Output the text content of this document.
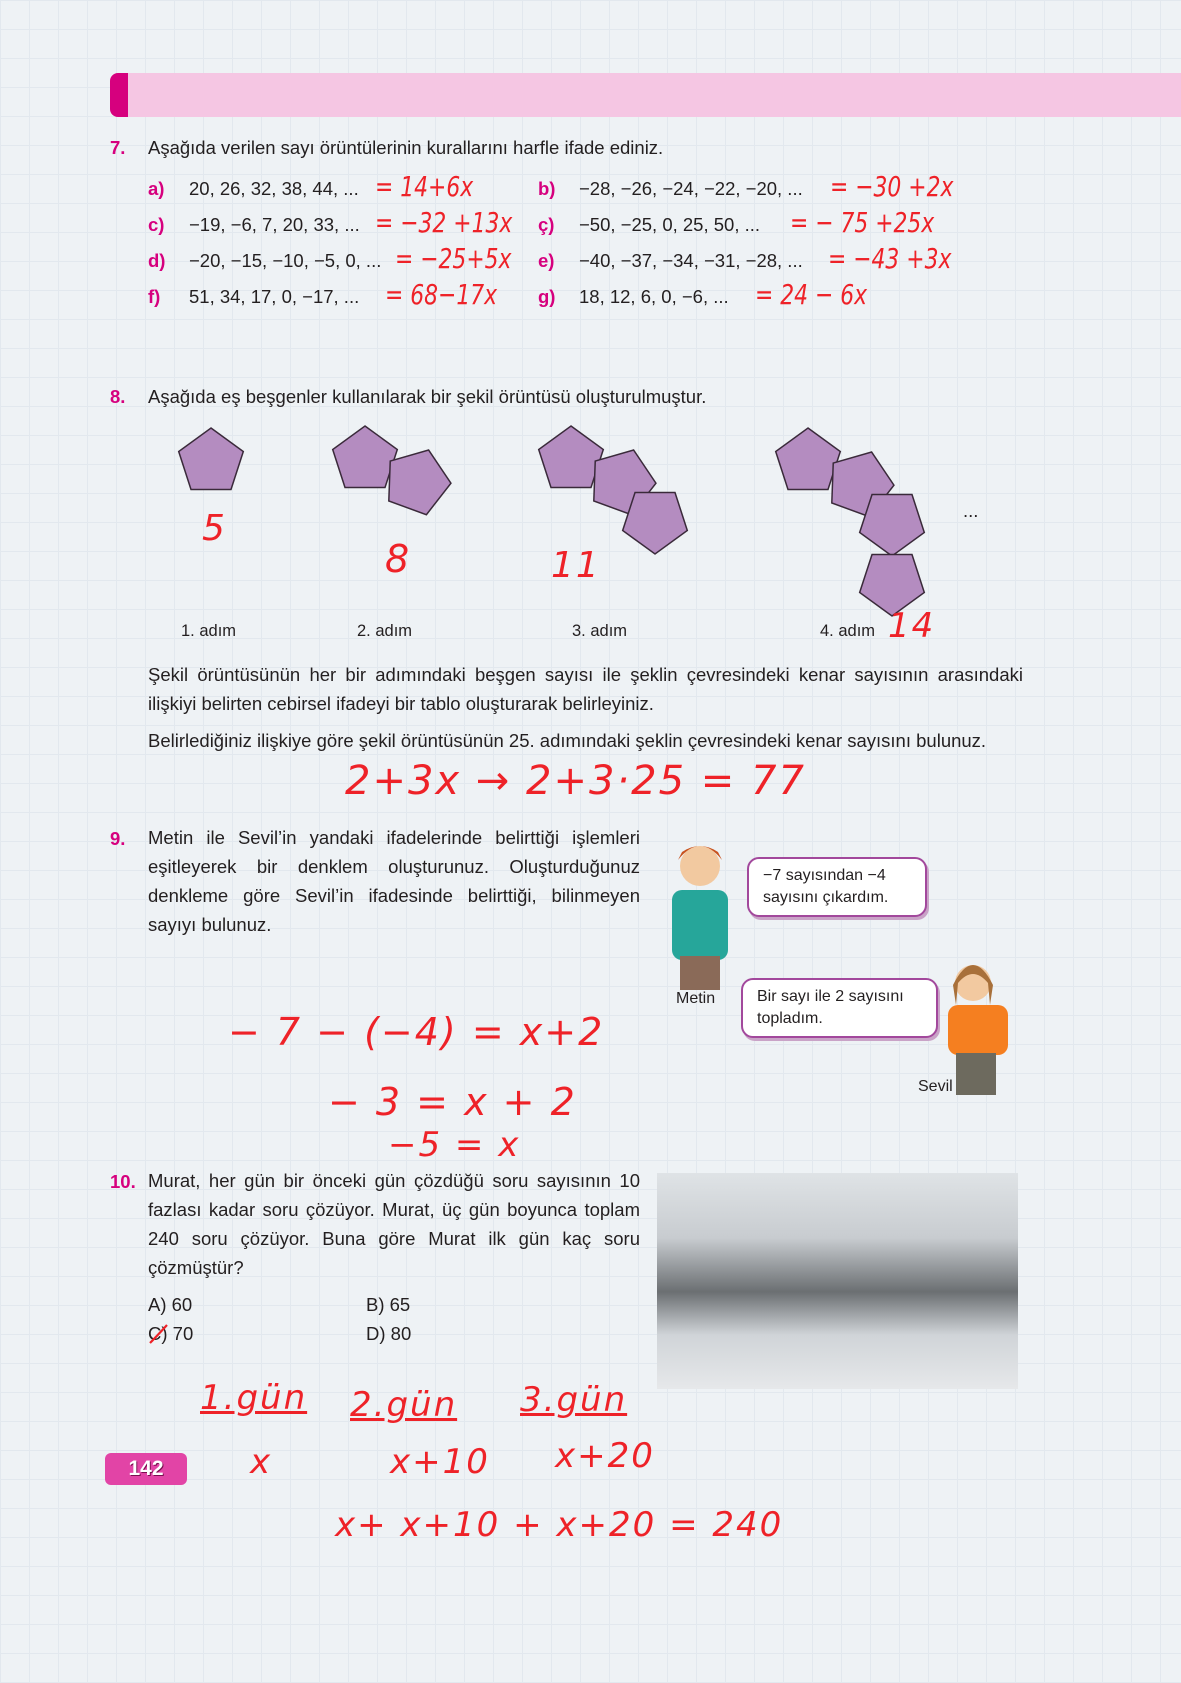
7. Aşağıda verilen sayı örüntülerinin kurallarını harfle ifade ediniz.
a) 20, 26, 32, 38, 44, ... = 14+6x	b) −28, −26, −24, −22, −20, ... = −30 +2x
c) −19, −6, 7, 20, 33, ... = −32 +13x ç) −50, −25, 0, 25, 50, ... = − 75 +25x
d) −20, −15, −10, −5, 0, ... = −25+5x e) −40, −37, −34, −31, −28, ... = −43 +3x
f) 51, 34, 17, 0, −17, ... = 68−17x g) 18, 12, 6, 0, −6, ... = 24 − 6x
8. Aşağıda eş beşgenler kullanılarak bir şekil örüntüsü oluşturulmuştur.
...
1. adım	2. adım	3. adım	4. adım
5
8	11
14
Şekil örüntüsünün her bir adımındaki beşgen sayısı ile şeklin çevresindeki kenar sayısının arasındaki ilişkiyi belirten cebirsel ifadeyi bir tablo oluşturarak belirleyiniz.
Belirlediğiniz ilişkiye göre şekil örüntüsünün 25. adımındaki şeklin çevresindeki kenar sayısını bulunuz.
2+3x → 2+3·25 = 77
9. Metin ile Sevil’in yandaki ifadelerinde belirttiği işlemleri eşitleyerek bir denklem oluşturunuz. Oluşturduğunuz denkleme göre Sevil’in ifadesinde belirttiği, bilinmeyen sayıyı bulunuz.
Metin
−7 sayısından −4 sayısını çıkardım.
Bir sayı ile 2 sayısını topladım.
Sevil
− 7 − (−4) = x+2
− 3 = x + 2
−5 = x
10. Murat, her gün bir önceki gün çözdüğü soru sayısının 10 fazlası kadar soru çözüyor. Murat, üç gün boyunca toplam 240 soru çözüyor. Buna göre Murat ilk gün kaç soru çözmüştür?
A) 60	B) 65
C) 70	D) 80
1.gün 2.gün 3.gün
x	x+10 x+20
x+ x+10 + x+20 = 240
142
